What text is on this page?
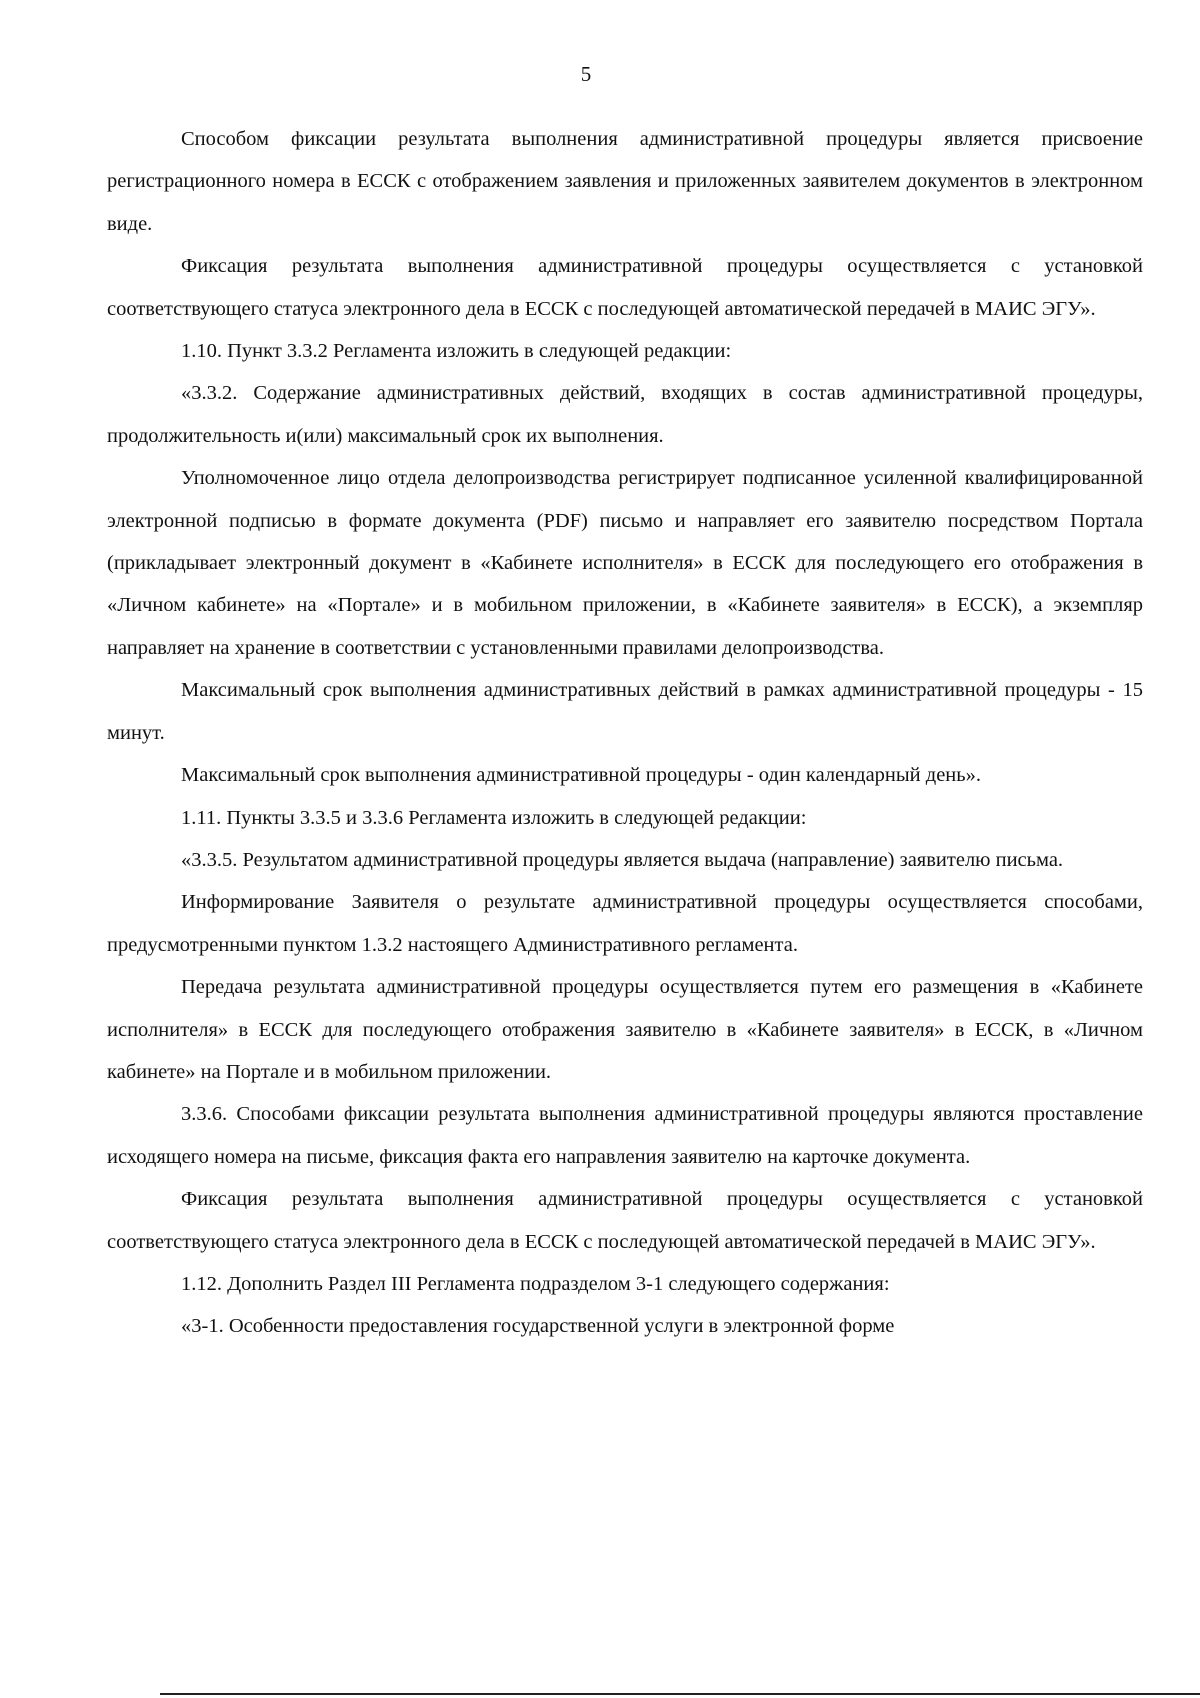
5

Способом фиксации результата выполнения административной процедуры является присвоение регистрационного номера в ЕССК с отображением заявления и приложенных заявителем документов в электронном виде.

Фиксация результата выполнения административной процедуры осуществляется с установкой соответствующего статуса электронного дела в ЕССК с последующей автоматической передачей в МАИС ЭГУ».

1.10. Пункт 3.3.2 Регламента изложить в следующей редакции:

«3.3.2. Содержание административных действий, входящих в состав административной процедуры, продолжительность и(или) максимальный срок их выполнения.

Уполномоченное лицо отдела делопроизводства регистрирует подписанное усиленной квалифицированной электронной подписью в формате документа (PDF) письмо и направляет его заявителю посредством Портала (прикладывает электронный документ в «Кабинете исполнителя» в ЕССК для последующего его отображения в «Личном кабинете» на «Портале» и в мобильном приложении, в «Кабинете заявителя» в ЕССК), а экземпляр направляет на хранение в соответствии с установленными правилами делопроизводства.

Максимальный срок выполнения административных действий в рамках административной процедуры - 15 минут.

Максимальный срок выполнения административной процедуры - один календарный день».

1.11. Пункты 3.3.5 и 3.3.6 Регламента изложить в следующей редакции:

«3.3.5. Результатом административной процедуры является выдача (направление) заявителю письма.

Информирование Заявителя о результате административной процедуры осуществляется способами, предусмотренными пунктом 1.3.2 настоящего Административного регламента.

Передача результата административной процедуры осуществляется путем его размещения в «Кабинете исполнителя» в ЕССК для последующего отображения заявителю в «Кабинете заявителя» в ЕССК, в «Личном кабинете» на Портале и в мобильном приложении.

3.3.6. Способами фиксации результата выполнения административной процедуры являются проставление исходящего номера на письме, фиксация факта его направления заявителю на карточке документа.

Фиксация результата выполнения административной процедуры осуществляется с установкой соответствующего статуса электронного дела в ЕССК с последующей автоматической передачей в МАИС ЭГУ».

1.12. Дополнить Раздел III Регламента подразделом 3-1 следующего содержания:

«3-1. Особенности предоставления государственной услуги в электронной форме
